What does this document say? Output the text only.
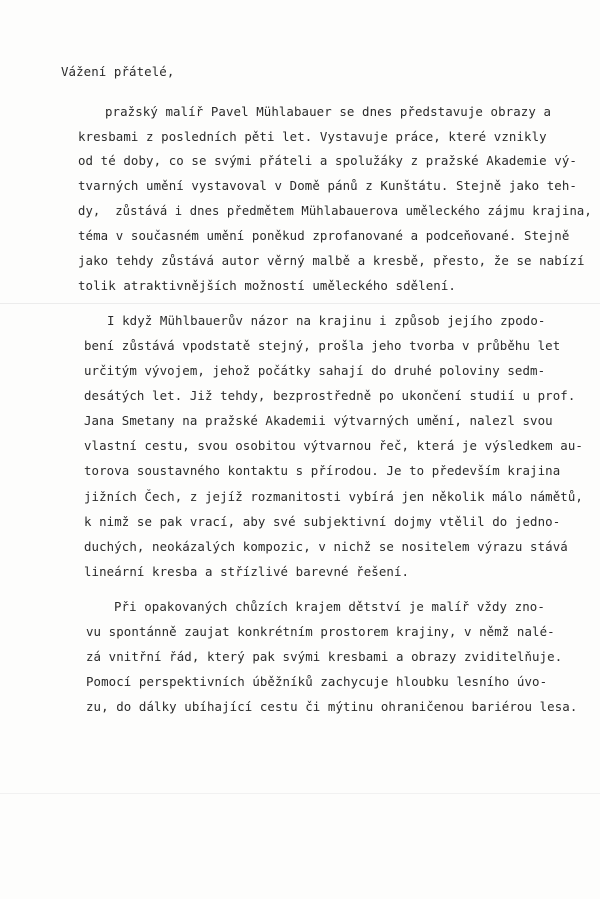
Vážení přátelé,
pražský malíř Pavel Mühlabauer se dnes představuje obrazy a
kresbami z posledních pěti let. Vystavuje práce, které vznikly
od té doby, co se svými přáteli a spolužáky z pražské Akademie vý-
tvarných umění vystavoval v Domě pánů z Kunštátu. Stejně jako teh-
dy,  zůstává i dnes předmětem Mühlabauerova uměleckého zájmu krajina,
téma v současném umění poněkud zprofanované a podceňované. Stejně
jako tehdy zůstává autor věrný malbě a kresbě, přesto, že se nabízí
tolik atraktivnějších možností uměleckého sdělení.
I když Mühlbauerův názor na krajinu i způsob jejího zpodo-
bení zůstává vpodstatě stejný, prošla jeho tvorba v průběhu let
určitým vývojem, jehož počátky sahají do druhé poloviny sedm-
desátých let. Již tehdy, bezprostředně po ukončení studií u prof.
Jana Smetany na pražské Akademii výtvarných umění, nalezl svou
vlastní cestu, svou osobitou výtvarnou řeč, která je výsledkem au-
torova soustavného kontaktu s přírodou. Je to především krajina
jižních Čech, z jejíž rozmanitosti vybírá jen několik málo námětů,
k nimž se pak vrací, aby své subjektivní dojmy vtělil do jedno-
duchých, neokázalých kompozic, v nichž se nositelem výrazu stává
lineární kresba a střízlivé barevné řešení.
Při opakovaných chůzích krajem dětství je malíř vždy zno-
vu spontánně zaujat konkrétním prostorem krajiny, v němž nalé-
zá vnitřní řád, který pak svými kresbami a obrazy zviditelňuje.
Pomocí perspektivních úběžníků zachycuje hloubku lesního úvo-
zu, do dálky ubíhající cestu či mýtinu ohraničenou bariérou lesa.
